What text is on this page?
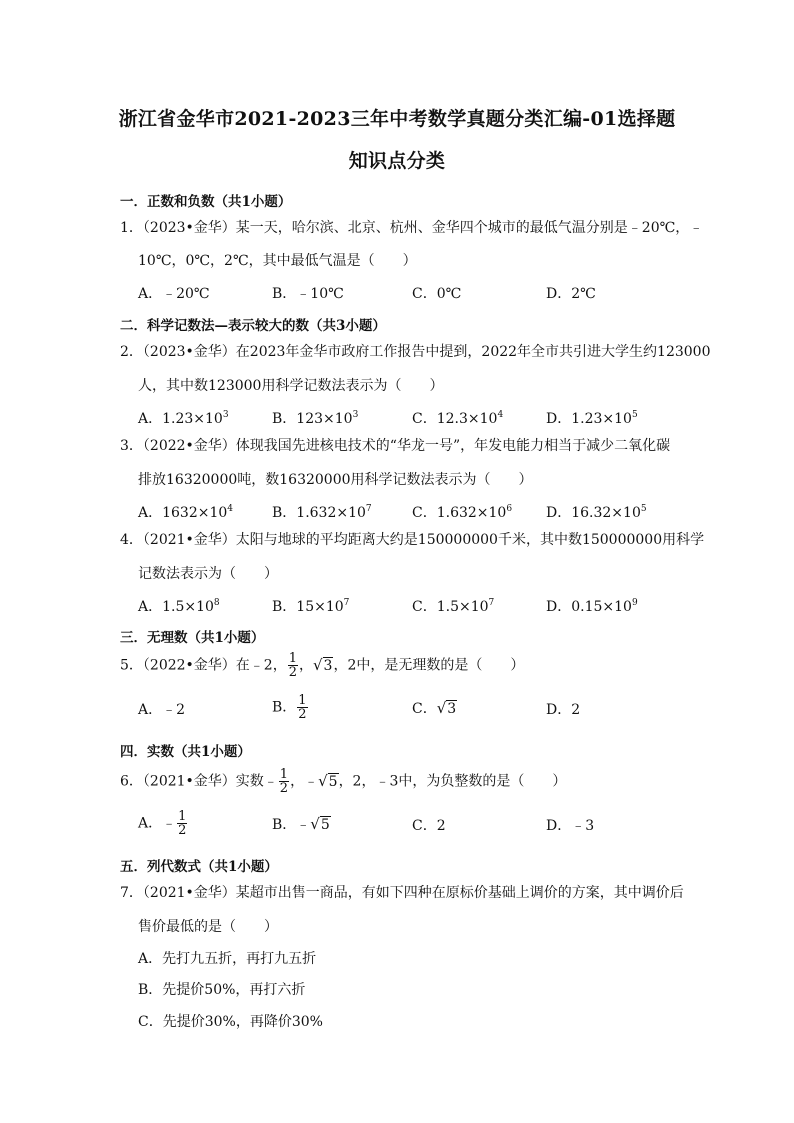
浙江省金华市2021-2023三年中考数学真题分类汇编-01选择题
知识点分类
一．正数和负数（共1小题）
1．（2023•金华）某一天，哈尔滨、北京、杭州、金华四个城市的最低气温分别是﹣20℃，﹣
10℃，0℃，2℃，其中最低气温是（　　）
A．﹣20℃	B．﹣10℃	C．0℃	D．2℃
二．科学记数法—表示较大的数（共3小题）
2．（2023•金华）在2023年金华市政府工作报告中提到，2022年全市共引进大学生约123000
人，其中数123000用科学记数法表示为（　　）
A．$1.23\times 10^3$	B．$123\times 10^3$	C．$12.3\times 10^4$	D．$1.23\times 10^5$
3．（2022•金华）体现我国先进核电技术的“华龙一号”，年发电能力相当于减少二氧化碳
排放16320000吨，数16320000用科学记数法表示为（　　）
A．$1632\times 10^4$	B．$1.632\times 10^7$	C．$1.632\times 10^6$ D．$16.32\times 10^5$
4．（2021•金华）太阳与地球的平均距离大约是150000000千米，其中数150000000用科学
记数法表示为（　　）
A．$1.5\times 10^8$	B．$15\times 10^7$	C．$1.5\times 10^7$	D．$0.15\times 10^9$
三．无理数（共1小题）
5．（2022•金华）在﹣2， $\frac{1}{2}$ ，√3，2中，是无理数的是（　　）
A．﹣2	B． $\frac{1}{2}$	C．√3	D．2
四．实数（共1小题）
6．（2021•金华）实数﹣ $\frac{1}{2}$ ，﹣√5，2，﹣3中，为负整数的是（　　）
A．﹣ $\frac{1}{2}$	B．﹣√5	C．2	D．﹣3
五．列代数式（共1小题）
7．（2021•金华）某超市出售一商品，有如下四种在原标价基础上调价的方案，其中调价后
售价最低的是（　　）
A．先打九五折，再打九五折
B．先提价50%，再打六折
C．先提价30%，再降价30%
